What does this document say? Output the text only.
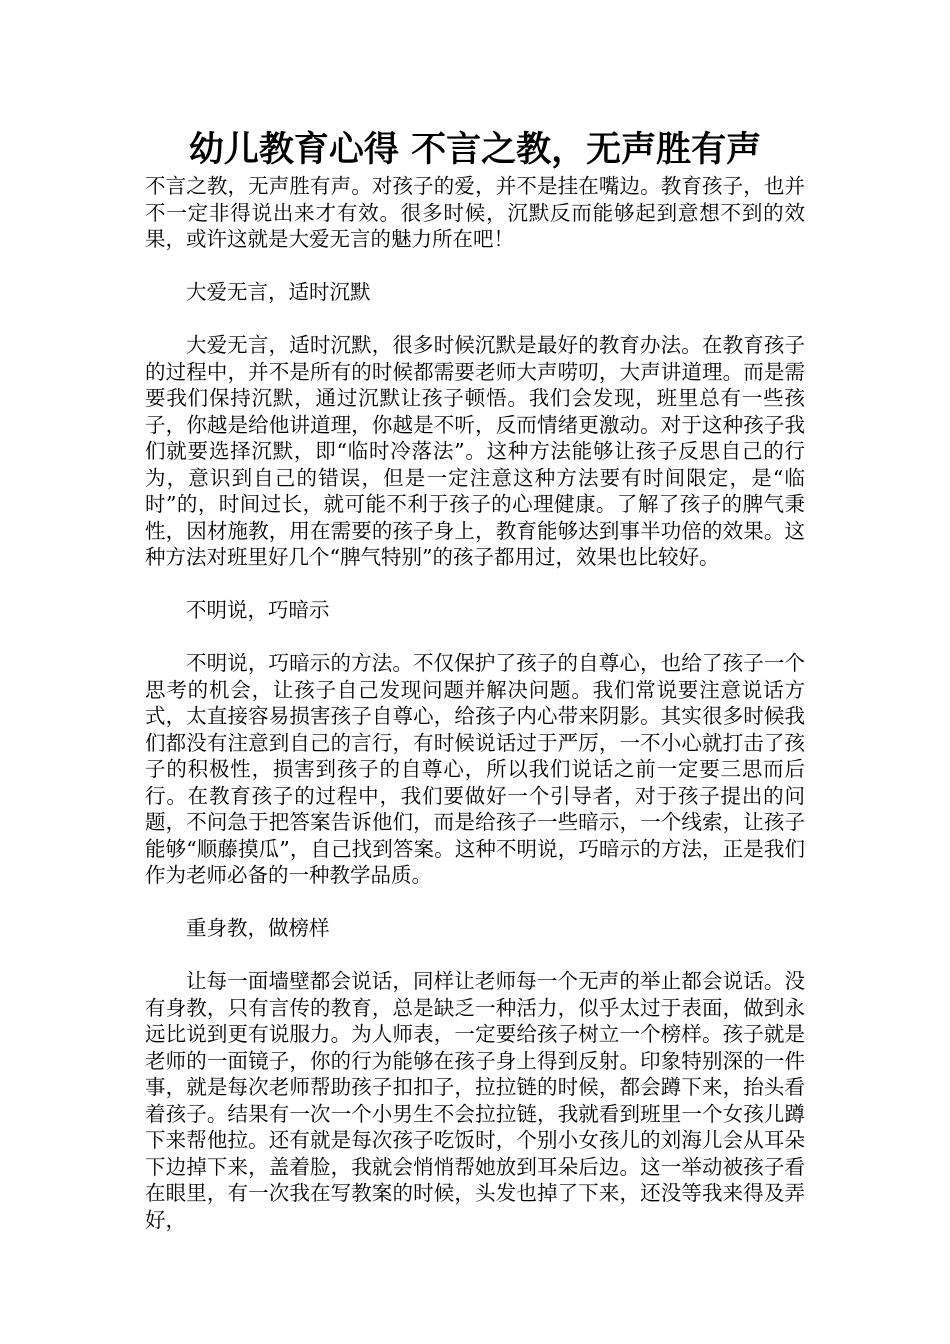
幼儿教育心得 不言之教，无声胜有声

不言之教，无声胜有声。对孩子的爱，并不是挂在嘴边。教育孩子，也并不一定非得说出来才有效。很多时候，沉默反而能够起到意想不到的效果，或许这就是大爱无言的魅力所在吧！

大爱无言，适时沉默

大爱无言，适时沉默，很多时候沉默是最好的教育办法。在教育孩子的过程中，并不是所有的时候都需要老师大声唠叨，大声讲道理。而是需要我们保持沉默，通过沉默让孩子顿悟。我们会发现，班里总有一些孩子，你越是给他讲道理，你越是不听，反而情绪更激动。对于这种孩子我们就要选择沉默，即“临时冷落法”。这种方法能够让孩子反思自己的行为，意识到自己的错误，但是一定注意这种方法要有时间限定，是“临时”的，时间过长，就可能不利于孩子的心理健康。了解了孩子的脾气秉性，因材施教，用在需要的孩子身上，教育能够达到事半功倍的效果。这种方法对班里好几个“脾气特别”的孩子都用过，效果也比较好。

不明说，巧暗示

不明说，巧暗示的方法。不仅保护了孩子的自尊心，也给了孩子一个思考的机会，让孩子自己发现问题并解决问题。我们常说要注意说话方式，太直接容易损害孩子自尊心，给孩子内心带来阴影。其实很多时候我们都没有注意到自己的言行，有时候说话过于严厉，一不小心就打击了孩子的积极性，损害到孩子的自尊心，所以我们说话之前一定要三思而后行。在教育孩子的过程中，我们要做好一个引导者，对于孩子提出的问题，不问急于把答案告诉他们，而是给孩子一些暗示，一个线索，让孩子能够“顺藤摸瓜”，自己找到答案。这种不明说，巧暗示的方法，正是我们作为老师必备的一种教学品质。

重身教，做榜样

让每一面墙壁都会说话，同样让老师每一个无声的举止都会说话。没有身教，只有言传的教育，总是缺乏一种活力，似乎太过于表面，做到永远比说到更有说服力。为人师表，一定要给孩子树立一个榜样。孩子就是老师的一面镜子，你的行为能够在孩子身上得到反射。印象特别深的一件事，就是每次老师帮助孩子扣扣子，拉拉链的时候，都会蹲下来，抬头看着孩子。结果有一次一个小男生不会拉拉链，我就看到班里一个女孩儿蹲下来帮他拉。还有就是每次孩子吃饭时，个别小女孩儿的刘海儿会从耳朵下边掉下来，盖着脸，我就会悄悄帮她放到耳朵后边。这一举动被孩子看在眼里，有一次我在写教案的时候，头发也掉了下来，还没等我来得及弄好，
